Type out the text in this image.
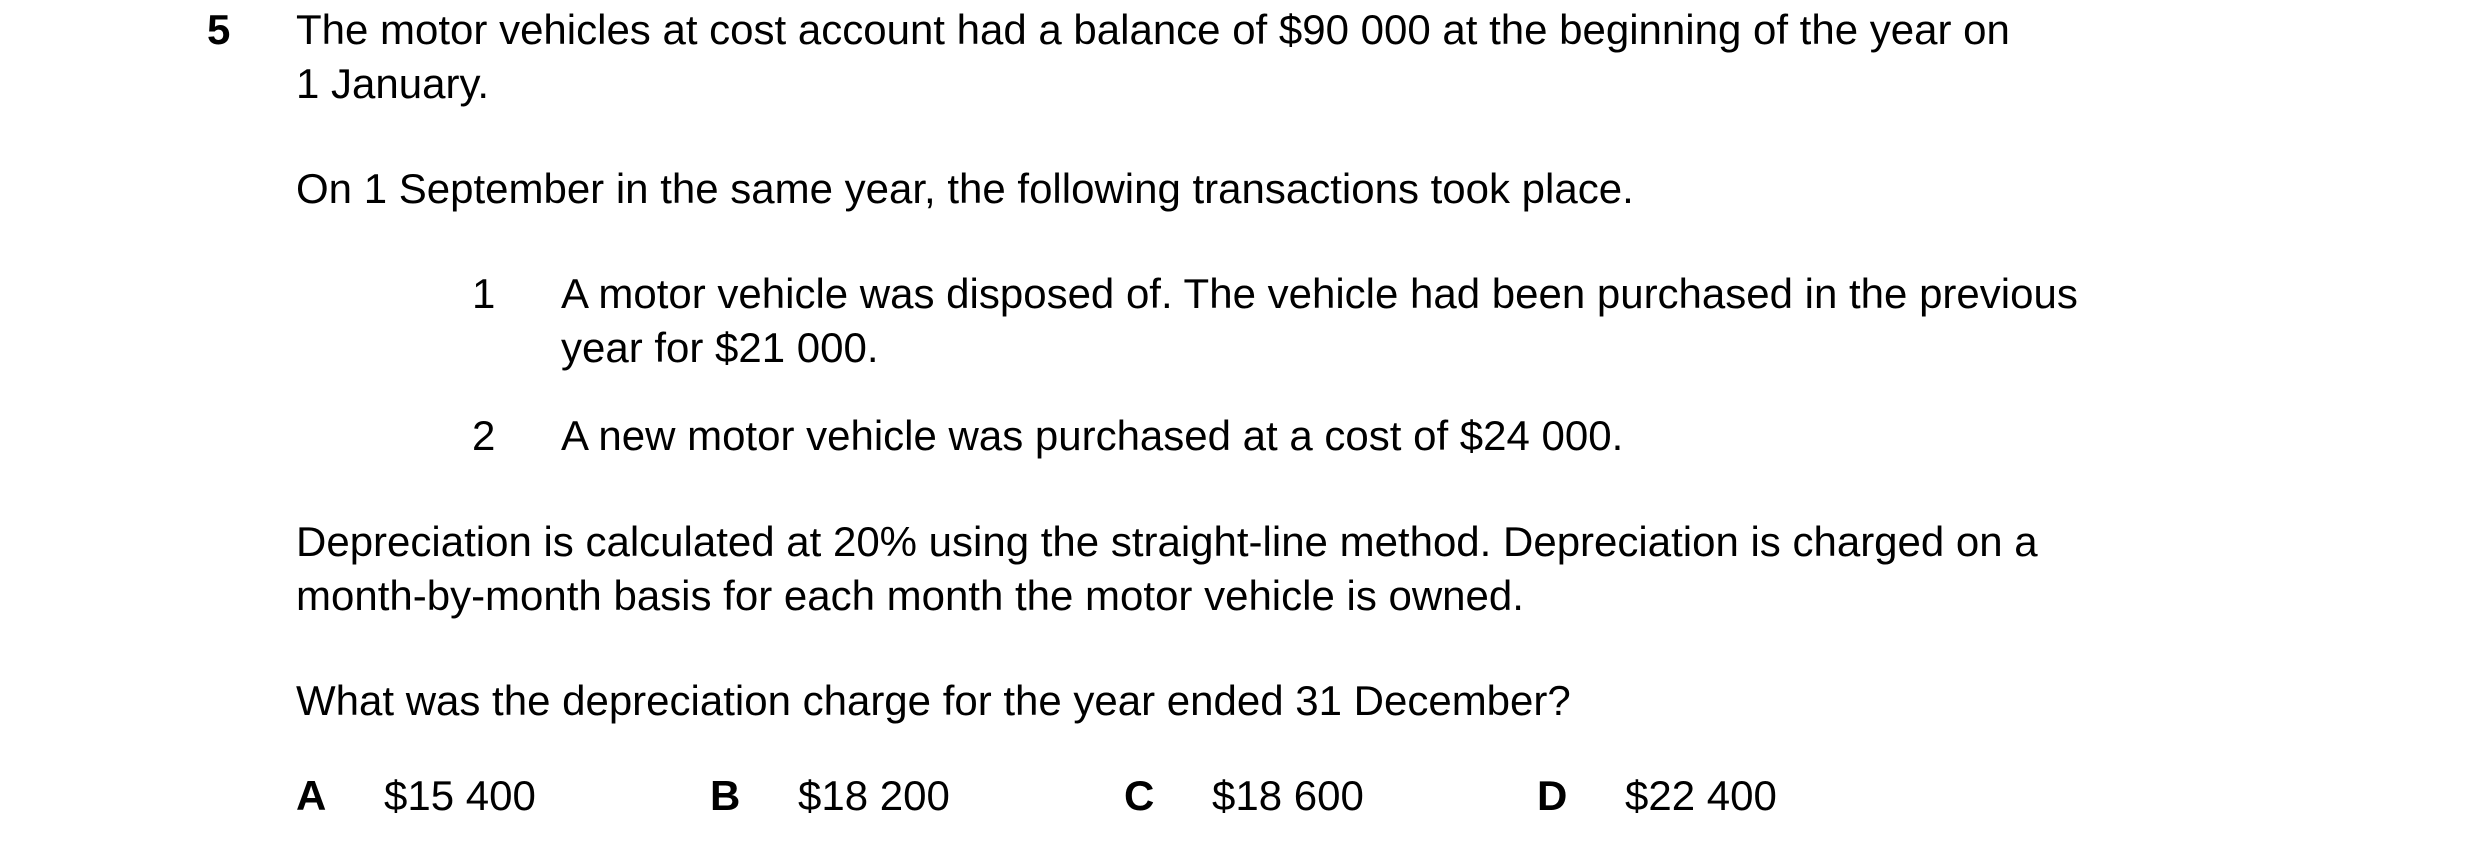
5 The motor vehicles at cost account had a balance of $90 000 at the beginning of the year on

1 January.

On 1 September in the same year, the following transactions took place.

1 A motor vehicle was disposed of. The vehicle had been purchased in the previous

year for $21 000.

2 A new motor vehicle was purchased at a cost of $24 000.

Depreciation is calculated at 20% using the straight-line method. Depreciation is charged on a

month-by-month basis for each month the motor vehicle is owned.

What was the depreciation charge for the year ended 31 December?

A $15 400	B $18 200	C $18 600	D $22 400
